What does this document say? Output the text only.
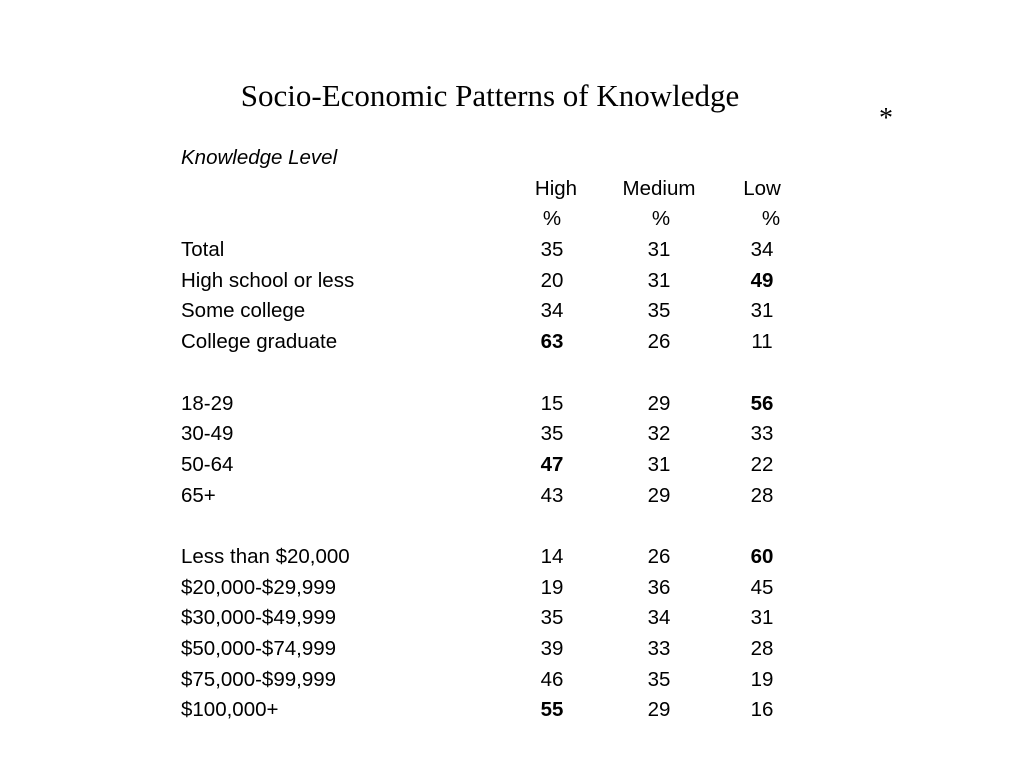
Socio-Economic Patterns of Knowledge
*
Knowledge Level
High	Medium	Low
%	%	%
Total	35	31	34
High school or less	20	31	49
Some college	34	35	31
College graduate	63	26	11
18-29	15	29	56
30-49	35	32	33
50-64	47	31	22
65+	43	29	28
Less than $20,000	14	26	60
$20,000-$29,999	19	36	45
$30,000-$49,999	35	34	31
$50,000-$74,999	39	33	28
$75,000-$99,999	46	35	19
$100,000+	55	29	16
